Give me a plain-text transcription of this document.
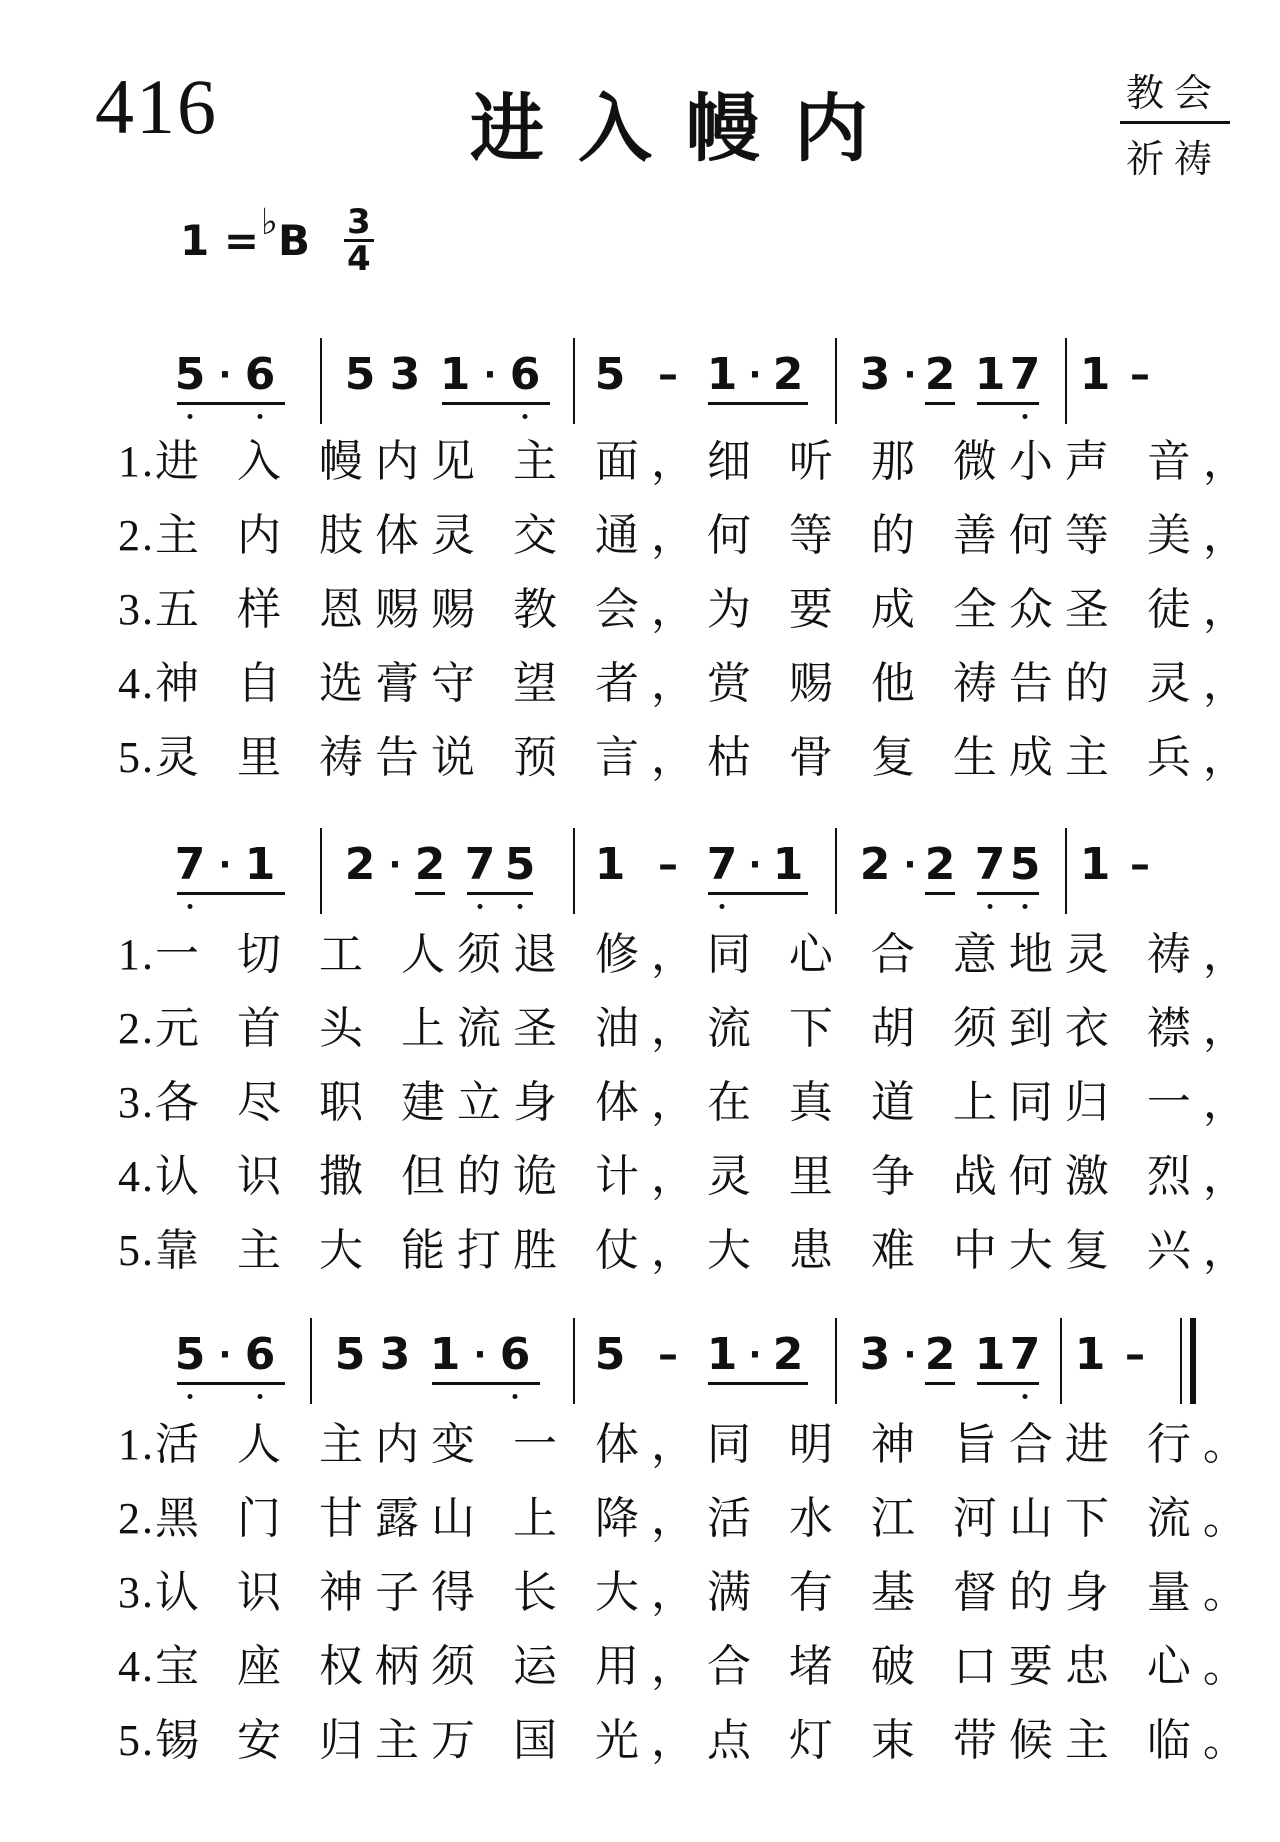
416	进入幔内	教会
祈祷
1 = ♭ B 3
4
5 · 6 5 3 1 · 6 5 – 1 · 2 3 · 2 1 7 1 –
1.进 入 幔内见 主 面，细 听 那 微小声 音，
2.主 内 肢体灵 交 通，何 等 的 善何等 美，
3.五 样 恩赐赐 教 会，为 要 成 全众圣 徒，
4.神 自 选膏守 望 者，赏 赐 他 祷告的 灵，
5.灵 里 祷告说 预 言，枯 骨 复 生成主 兵，
7 · 1 2 · 2 7 5 1 – 7 · 1 2 · 2 7 5 1 –
1.一 切 工 人须退 修，同 心 合 意地灵 祷，
2.元 首 头 上流圣 油，流 下 胡 须到衣 襟，
3.各 尽 职 建立身 体，在 真 道 上同归 一，
4.认 识 撒 但的诡 计，灵 里 争 战何激 烈，
5.靠 主 大 能打胜 仗，大 患 难 中大复 兴，
5 · 6 5 3 1 · 6 5 – 1 · 2 3 · 2 1 7 1 –
1.活 人 主内变 一 体，同 明 神 旨合进 行。
2.黑 门 甘露山 上 降，活 水 江 河山下 流。
3.认 识 神子得 长 大，满 有 基 督的身 量。
4.宝 座 权柄须 运 用，合 堵 破 口要忠 心。
5.锡 安 归主万 国 光，点 灯 束 带候主 临。
